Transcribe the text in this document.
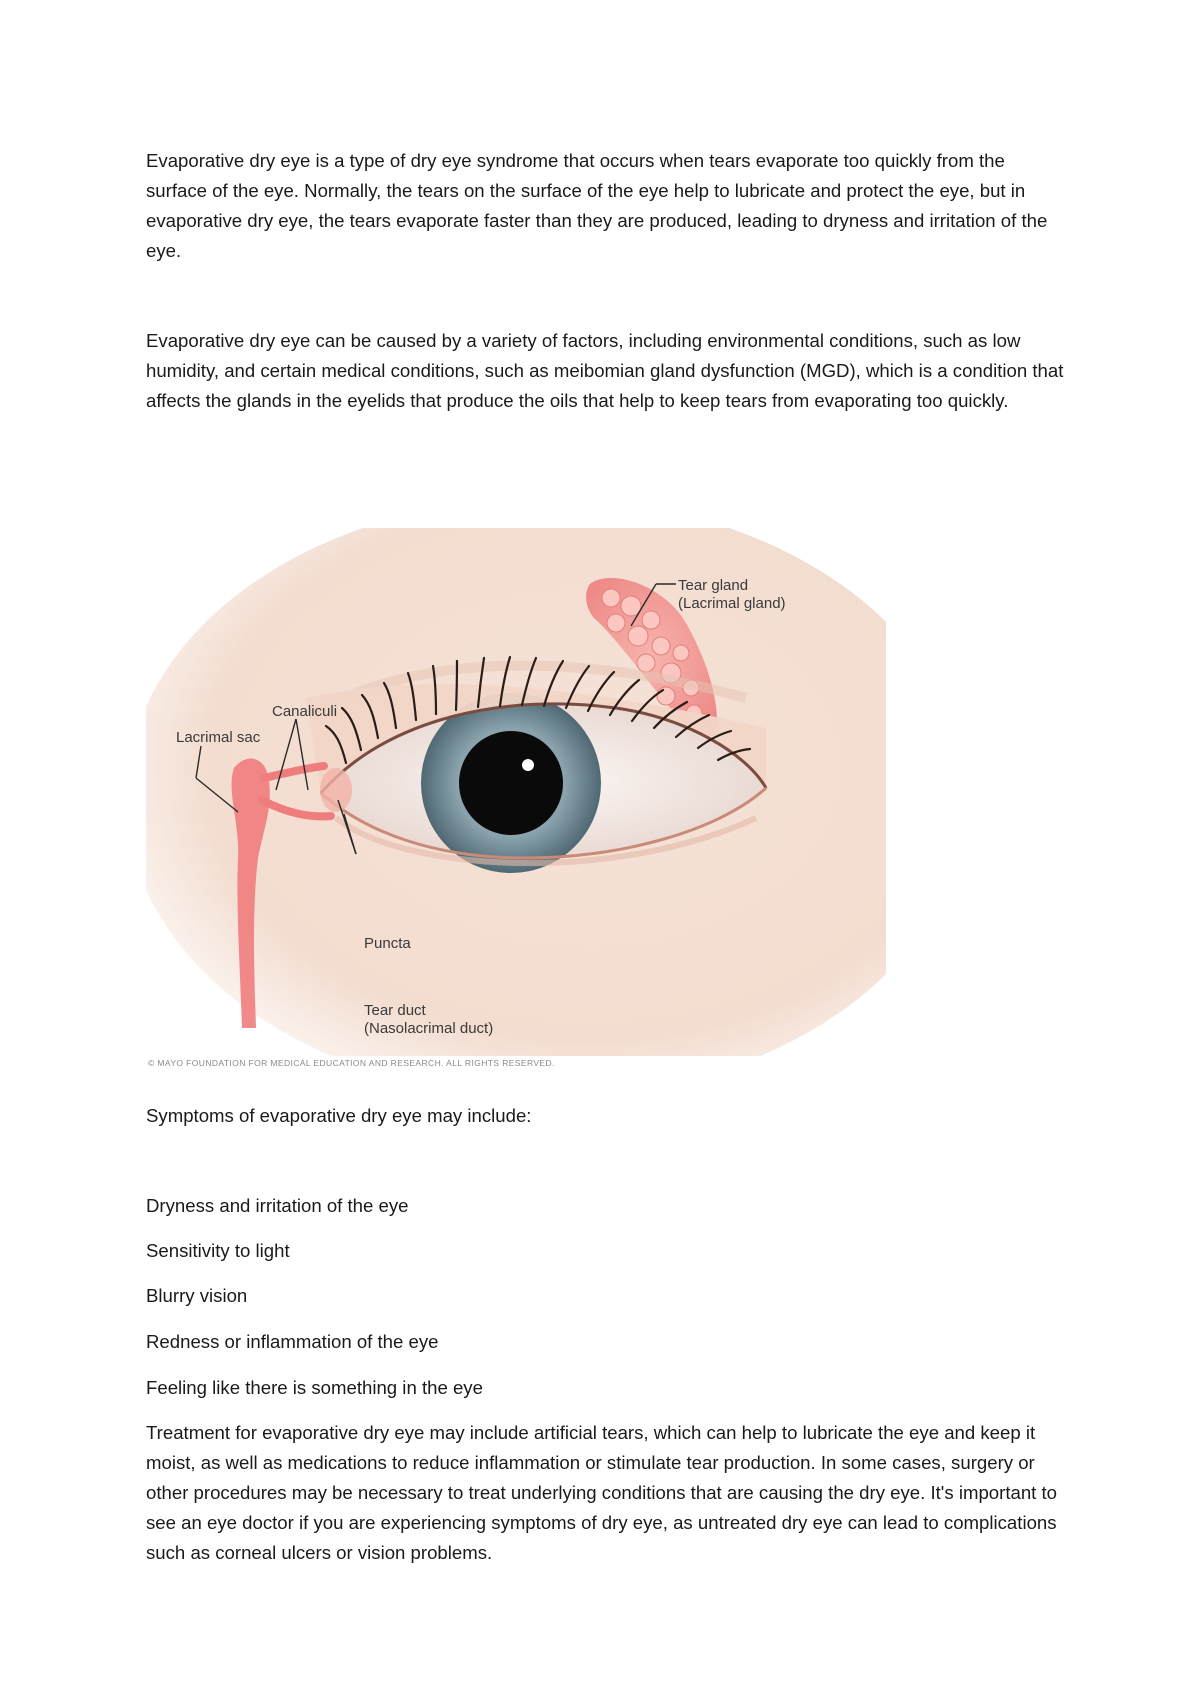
Evaporative dry eye is a type of dry eye syndrome that occurs when tears evaporate too quickly from the surface of the eye. Normally, the tears on the surface of the eye help to lubricate and protect the eye, but in evaporative dry eye, the tears evaporate faster than they are produced, leading to dryness and irritation of the eye.

Evaporative dry eye can be caused by a variety of factors, including environmental conditions, such as low humidity, and certain medical conditions, such as meibomian gland dysfunction (MGD), which is a condition that affects the glands in the eyelids that produce the oils that help to keep tears from evaporating too quickly.

Tear gland
(Lacrimal gland)
Canaliculi
Lacrimal sac
Puncta
Tear duct
(Nasolacrimal duct)

© MAYO FOUNDATION FOR MEDICAL EDUCATION AND RESEARCH. ALL RIGHTS RESERVED.

Symptoms of evaporative dry eye may include:

Dryness and irritation of the eye

Sensitivity to light

Blurry vision

Redness or inflammation of the eye

Feeling like there is something in the eye

Treatment for evaporative dry eye may include artificial tears, which can help to lubricate the eye and keep it moist, as well as medications to reduce inflammation or stimulate tear production. In some cases, surgery or other procedures may be necessary to treat underlying conditions that are causing the dry eye. It's important to see an eye doctor if you are experiencing symptoms of dry eye, as untreated dry eye can lead to complications such as corneal ulcers or vision problems.
